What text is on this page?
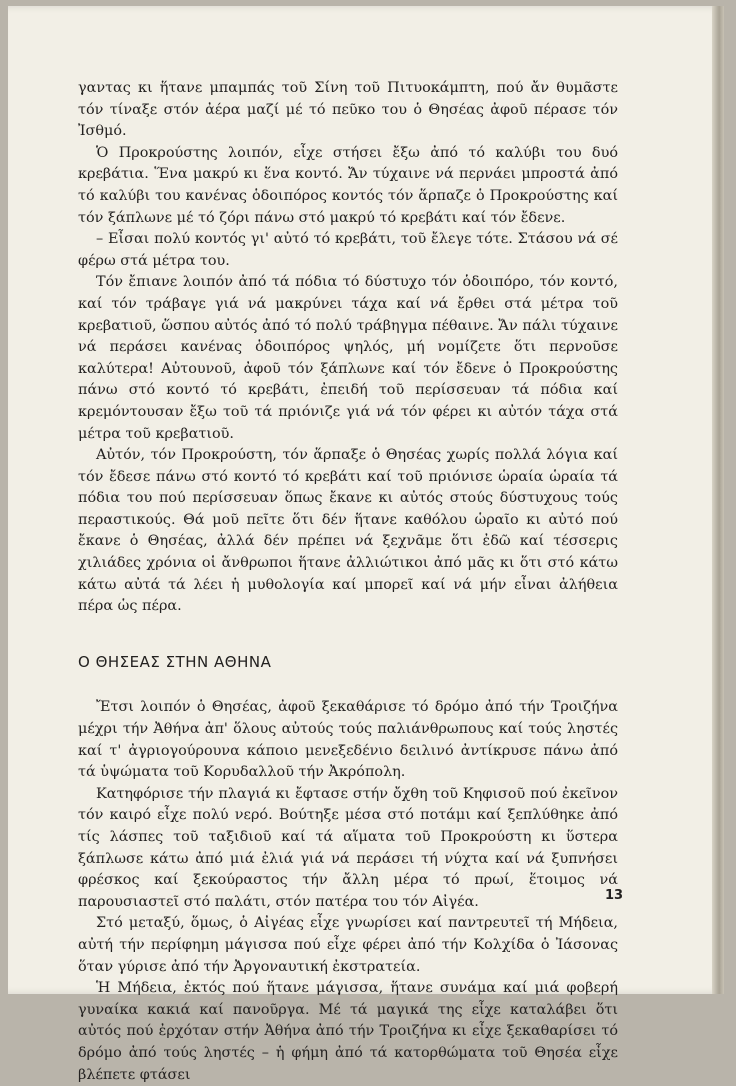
γαντας κι ἥτανε μπαμπάς τοῦ Σίνη τοῦ Πιτυοκάμπτη, πού ἄν θυμᾶστε τόν τίναξε στόν ἀέρα μαζί μέ τό πεῦκο του ὁ Θησέας ἀφοῦ πέρασε τόν Ἰσθμό.

Ὁ Προκρούστης λοιπόν, εἶχε στήσει ἔξω ἀπό τό καλύβι του δυό κρεβάτια. Ἕνα μακρύ κι ἕνα κοντό. Ἄν τύχαινε νά περνάει μπροστά ἀπό τό καλύβι του κανένας ὁδοιπόρος κοντός τόν ἅρπαζε ὁ Προκρούστης καί τόν ξάπλωνε μέ τό ζόρι πάνω στό μακρύ τό κρεβάτι καί τόν ἔδενε.

– Εἶσαι πολύ κοντός γι' αὐτό τό κρεβάτι, τοῦ ἔλεγε τότε. Στάσου νά σέ φέρω στά μέτρα του.

Τόν ἔπιανε λοιπόν ἀπό τά πόδια τό δύστυχο τόν ὁδοιπόρο, τόν κοντό, καί τόν τράβαγε γιά νά μακρύνει τάχα καί νά ἔρθει στά μέτρα τοῦ κρεβατιοῦ, ὥσπου αὐτός ἀπό τό πολύ τράβηγμα πέθαινε. Ἄν πάλι τύχαινε νά περάσει κανένας ὁδοιπόρος ψηλός, μή νομίζετε ὅτι περνοῦσε καλύτερα! Αὐτουνοῦ, ἀφοῦ τόν ξάπλωνε καί τόν ἔδενε ὁ Προκρούστης πάνω στό κοντό τό κρεβάτι, ἐπειδή τοῦ περίσσευαν τά πόδια καί κρεμόντουσαν ἔξω τοῦ τά πριόνιζε γιά νά τόν φέρει κι αὐτόν τάχα στά μέτρα τοῦ κρεβατιοῦ.

Αὐτόν, τόν Προκρούστη, τόν ἅρπαξε ὁ Θησέας χωρίς πολλά λόγια καί τόν ἔδεσε πάνω στό κοντό τό κρεβάτι καί τοῦ πριόνισε ὡραία ὡραία τά πόδια του πού περίσσευαν ὅπως ἔκανε κι αὐτός στούς δύστυχους τούς περαστικούς. Θά μοῦ πεῖτε ὅτι δέν ἥτανε καθόλου ὡραῖο κι αὐτό πού ἔκανε ὁ Θησέας, ἀλλά δέν πρέπει νά ξεχνᾶμε ὅτι ἐδῶ καί τέσσερις χιλιάδες χρόνια οἱ ἄνθρωποι ἥτανε ἀλλιώτικοι ἀπό μᾶς κι ὅτι στό κάτω κάτω αὐτά τά λέει ἡ μυθολογία καί μπορεῖ καί νά μήν εἶναι ἀλήθεια πέρα ὡς πέρα.

Ο ΘΗΣΕΑΣ ΣΤΗΝ ΑΘΗΝΑ

Ἔτσι λοιπόν ὁ Θησέας, ἀφοῦ ξεκαθάρισε τό δρόμο ἀπό τήν Τροιζήνα μέχρι τήν Ἀθήνα ἀπ' ὅλους αὐτούς τούς παλιάνθρωπους καί τούς ληστές καί τ' ἀγριογούρουνα κάποιο μενεξεδένιο δειλινό ἀντίκρυσε πάνω ἀπό τά ὑψώματα τοῦ Κορυδαλλοῦ τήν Ἀκρόπολη.

Κατηφόρισε τήν πλαγιά κι ἔφτασε στήν ὄχθη τοῦ Κηφισοῦ πού ἐκεῖνον τόν καιρό εἶχε πολύ νερό. Βούτηξε μέσα στό ποτάμι καί ξεπλύθηκε ἀπό τίς λάσπες τοῦ ταξιδιοῦ καί τά αἵματα τοῦ Προκρούστη κι ὕστερα ξάπλωσε κάτω ἀπό μιά ἐλιά γιά νά περάσει τή νύχτα καί νά ξυπνήσει φρέσκος καί ξεκούραστος τήν ἄλλη μέρα τό πρωί, ἕτοιμος νά παρουσιαστεῖ στό παλάτι, στόν πατέρα του τόν Αἰγέα.

Στό μεταξύ, ὅμως, ὁ Αἰγέας εἶχε γνωρίσει καί παντρευτεῖ τή Μήδεια, αὐτή τήν περίφημη μάγισσα πού εἶχε φέρει ἀπό τήν Κολχίδα ὁ Ἰάσονας ὅταν γύρισε ἀπό τήν Ἀργοναυτική ἐκστρατεία.

Ἡ Μήδεια, ἐκτός πού ἥτανε μάγισσα, ἥτανε συνάμα καί μιά φοβερή γυναίκα κακιά καί πανοῦργα. Μέ τά μαγικά της εἶχε καταλάβει ὅτι αὐτός πού ἐρχόταν στήν Ἀθήνα ἀπό τήν Τροιζήνα κι εἶχε ξεκαθαρίσει τό δρόμο ἀπό τούς ληστές – ἡ φήμη ἀπό τά κατορθώματα τοῦ Θησέα εἶχε βλέπετε φτάσει

13
